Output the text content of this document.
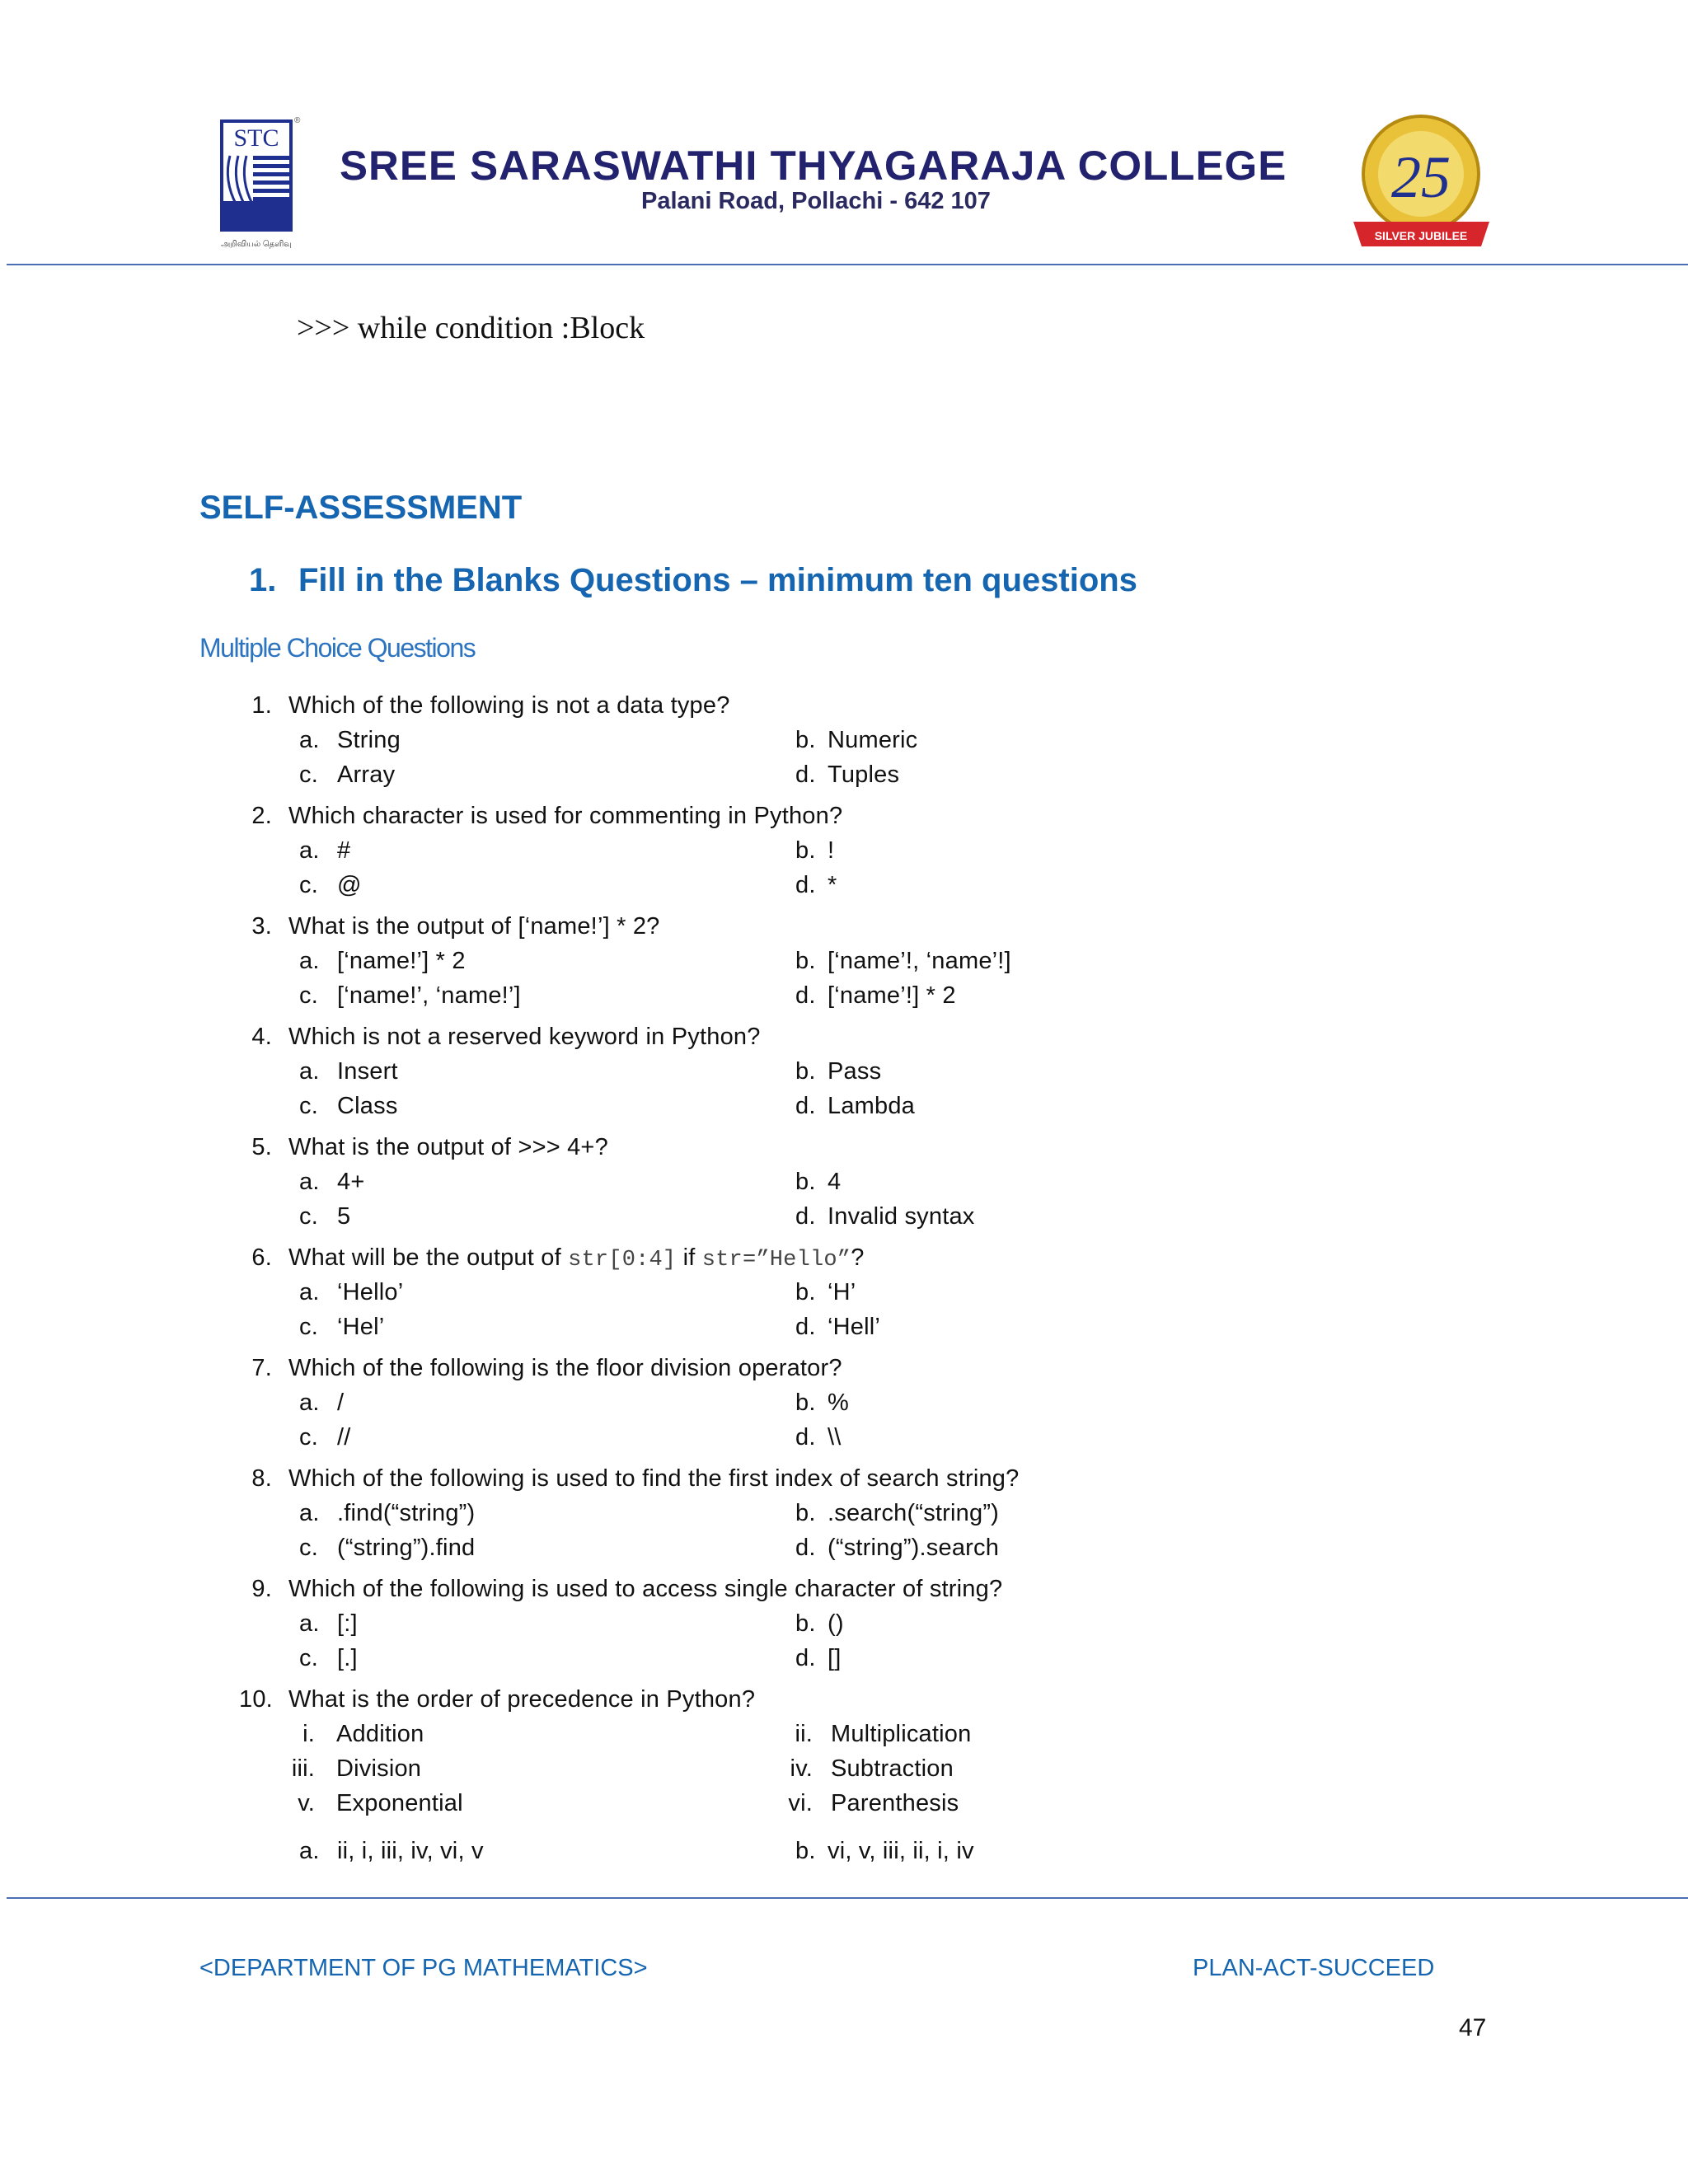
STC
®
அறிவியல் தெளிவு
SREE SARASWATHI THYAGARAJA COLLEGE
Palani Road, Pollachi - 642 107	25
SILVER JUBILEE
>>> while condition :Block
SELF-ASSESSMENT
1. Fill in the Blanks Questions – minimum ten questions
Multiple Choice Questions
1. Which of the following is not a data type?
a. String	b. Numeric
c. Array	d. Tuples
2. Which character is used for commenting in Python?
a. #	b. !
c. @	d. *
3. What is the output of [‘name!’] * 2?
a. [‘name!’] * 2	b. [‘name’!, ‘name’!]
c. [‘name!’, ‘name!’]	d. [‘name’!] * 2
4. Which is not a reserved keyword in Python?
a. Insert	b. Pass
c. Class	d. Lambda
5. What is the output of >>> 4+?
a. 4+	b. 4
c. 5	d. Invalid syntax
6. What will be the output of str[0:4] if str=”Hello”?
a. ‘Hello’	b. ‘H’
c. ‘Hel’	d. ‘Hell’
7. Which of the following is the floor division operator?
a. /	b. %
c. //	d. \\
8. Which of the following is used to find the first index of search string?
a. .find(“string”)	b. .search(“string”)
c. (“string”).find	d. (“string”).search
9. Which of the following is used to access single character of string?
a. [:]	b. ()
c. [.]	d. []
10. What is the order of precedence in Python?
i. Addition	ii. Multiplication
iii. Division	iv. Subtraction
v. Exponential	vi. Parenthesis
a. ii, i, iii, iv, vi, v	b. vi, v, iii, ii, i, iv
<DEPARTMENT OF PG MATHEMATICS>	PLAN-ACT-SUCCEED
47
